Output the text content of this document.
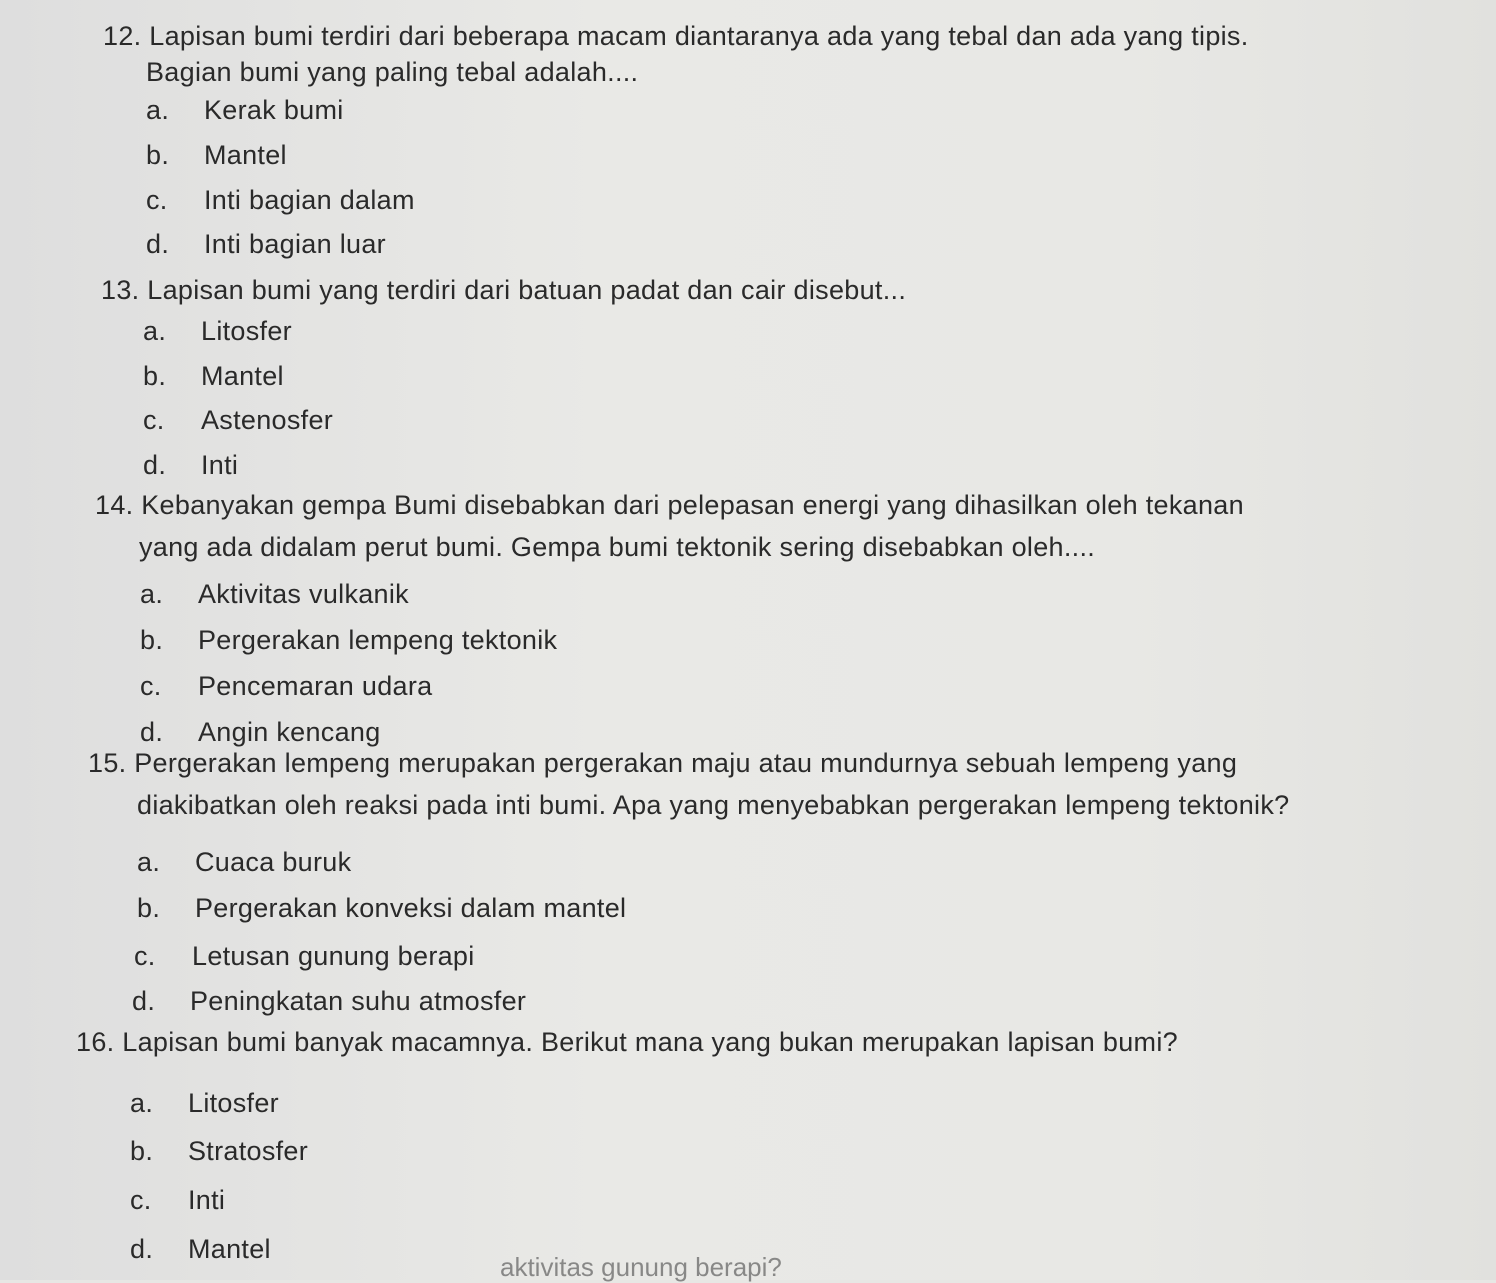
12. Lapisan bumi terdiri dari beberapa macam diantaranya ada yang tebal dan ada yang tipis.
Bagian bumi yang paling tebal adalah....
a. Kerak bumi
b. Mantel
c. Inti bagian dalam
d. Inti bagian luar
13. Lapisan bumi yang terdiri dari batuan padat dan cair disebut...
a. Litosfer
b. Mantel
c. Astenosfer
d. Inti
14. Kebanyakan gempa Bumi disebabkan dari pelepasan energi yang dihasilkan oleh tekanan
yang ada didalam perut bumi. Gempa bumi tektonik sering disebabkan oleh....
a. Aktivitas vulkanik
b. Pergerakan lempeng tektonik
c. Pencemaran udara
d. Angin kencang
15. Pergerakan lempeng merupakan pergerakan maju atau mundurnya sebuah lempeng yang
diakibatkan oleh reaksi pada inti bumi. Apa yang menyebabkan pergerakan lempeng tektonik?
a. Cuaca buruk
b. Pergerakan konveksi dalam mantel
c. Letusan gunung berapi
d. Peningkatan suhu atmosfer
16. Lapisan bumi banyak macamnya. Berikut mana yang bukan merupakan lapisan bumi?
a. Litosfer
b. Stratosfer
c. Inti
d. Mantel
aktivitas gunung berapi?
